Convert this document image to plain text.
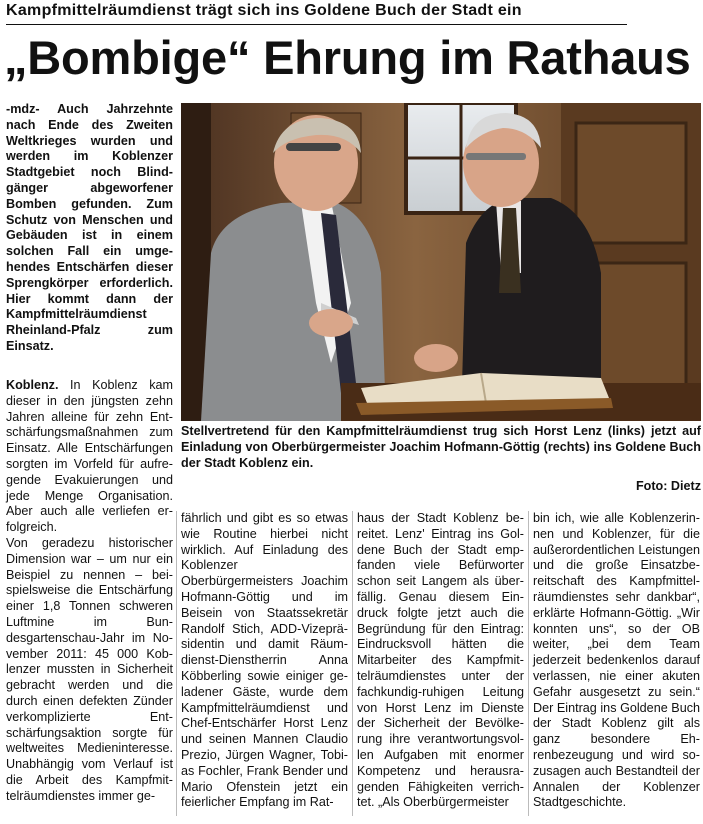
Kampfmittelräumdienst trägt sich ins Goldene Buch der Stadt ein
„Bombige“ Ehrung im Rathaus

-mdz- Auch Jahrzehnte nach Ende des Zweiten Weltkrieges wurden und werden im Koblenzer Stadtgebiet noch Blindgänger abgeworfener Bomben gefunden. Zum Schutz von Menschen und Gebäuden ist in einem solchen Fall ein umgehendes Entschärfen dieser Sprengkörper erforderlich. Hier kommt dann der Kampfmittelräumdienst Rheinland-Pfalz zum Einsatz.

Stellvertretend für den Kampfmittelräumdienst trug sich Horst Lenz (links) jetzt auf Einladung von Oberbürgermeister Joachim Hofmann-Göttig (rechts) ins Goldene Buch der Stadt Koblenz ein.
Foto: Dietz

Koblenz. In Koblenz kam dieser in den jüngsten zehn Jahren alleine für zehn Entschärfungsmaßnahmen zum Einsatz. Alle Entschärfungen sorgten im Vorfeld für aufregende Evakuierungen und jede Menge Organisation. Aber auch alle verliefen erfolgreich.

Von geradezu historischer Dimension war – um nur ein Beispiel zu nennen – beispielsweise die Entschärfung einer 1,8 Tonnen schweren Luftmine im Bundesgartenschau-Jahr im November 2011: 45 000 Koblenzer mussten in Sicherheit gebracht werden und die durch einen defekten Zünder verkomplizierte Entschärfungsaktion sorgte für weltweites Medieninteresse. Unabhängig vom Verlauf ist die Arbeit des Kampfmittelräumdienstes immer ge-

fährlich und gibt es so etwas wie Routine hierbei nicht wirklich. Auf Einladung des Koblenzer Oberbürgermeisters Joachim Hofmann-Göttig und im Beisein von Staatssekretär Randolf Stich, ADD-Vizepräsidentin und damit Räumdienst-Dienstherrin Anna Köbberling sowie einiger geladener Gäste, wurde dem Kampfmittelräumdienst und Chef-Entschärfer Horst Lenz und seinen Mannen Claudio Prezio, Jürgen Wagner, Tobias Fochler, Frank Bender und Mario Ofenstein jetzt ein feierlicher Empfang im Rat-

haus der Stadt Koblenz bereitet. Lenz' Eintrag ins Goldene Buch der Stadt empfanden viele Befürworter schon seit Langem als überfällig. Genau diesem Eindruck folgte jetzt auch die Begründung für den Eintrag: Eindrucksvoll hätten die Mitarbeiter des Kampfmittelräumdienstes unter der fachkundig-ruhigen Leitung von Horst Lenz im Dienste der Sicherheit der Bevölkerung ihre verantwortungsvollen Aufgaben mit enormer Kompetenz und herausragenden Fähigkeiten verrichtet. „Als Oberbürgermeister

bin ich, wie alle Koblenzerinnen und Koblenzer, für die außerordentlichen Leistungen und die große Einsatzbereitschaft des Kampfmittelräumdienstes sehr dankbar“, erklärte Hofmann-Göttig. „Wir konnten uns“, so der OB weiter, „bei dem Team jederzeit bedenkenlos darauf verlassen, nie einer akuten Gefahr ausgesetzt zu sein.“ Der Eintrag ins Goldene Buch der Stadt Koblenz gilt als ganz besondere Ehrenbezeugung und wird sozusagen auch Bestandteil der Annalen der Koblenzer Stadtgeschichte.
